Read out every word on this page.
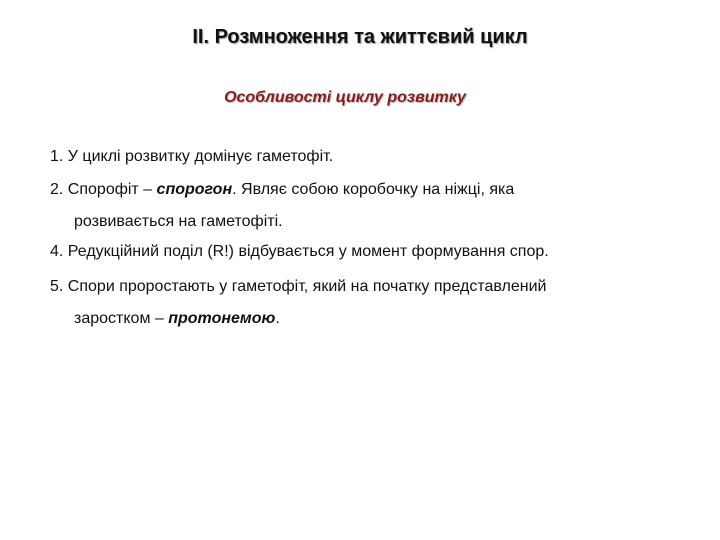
ІІ. Розмноження та життєвий цикл
Особливості циклу розвитку
1. У циклі розвитку домінує гаметофіт.
2. Спорофіт – спорогон. Являє собою коробочку на ніжці, яка
розвивається на гаметофіті.
4. Редукційний поділ (R!) відбувається у момент формування спор.
5. Спори проростають у гаметофіт, який на початку представлений
заростком – протонемою.
